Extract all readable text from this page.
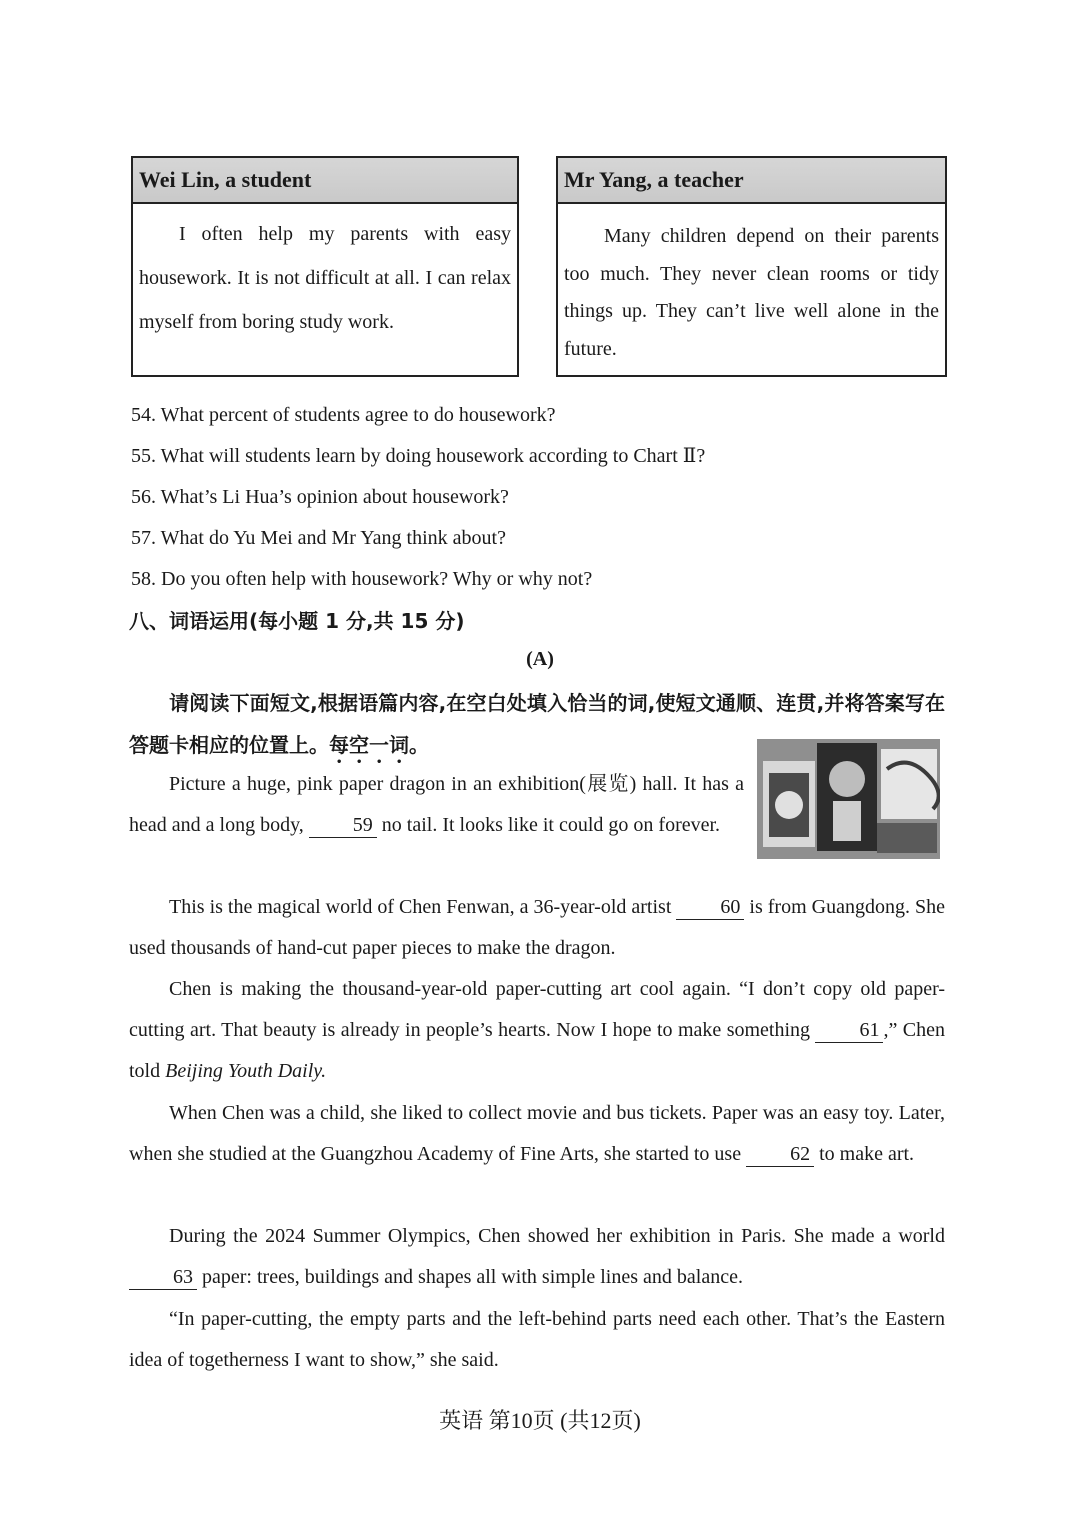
Wei Lin, a student

I often help my parents with easy housework. It is not difficult at all. I can relax myself from boring study work.

Mr Yang, a teacher

Many children depend on their parents too much. They never clean rooms or tidy things up. They can’t live well alone in the future.

54. What percent of students agree to do housework?
55. What will students learn by doing housework according to Chart Ⅱ?
56. What’s Li Hua’s opinion about housework?
57. What do Yu Mei and Mr Yang think about?
58. Do you often help with housework? Why or why not?
八、词语运用(每小题 1 分,共 15 分)
(A)
请阅读下面短文,根据语篇内容,在空白处填入恰当的词,使短文通顺、连贯,并将答案写在答题卡相应的位置上。每空一词。

Picture a huge, pink paper dragon in an exhibition(展览) hall. It has a head and a long body, 59 no tail. It looks like it could go on forever.

This is the magical world of Chen Fenwan, a 36-year-old artist 60 is from Guangdong. She used thousands of hand-cut paper pieces to make the dragon.

Chen is making the thousand-year-old paper-cutting art cool again. “I don’t copy old paper-cutting art. That beauty is already in people’s hearts. Now I hope to make something 61 ,” Chen told Beijing Youth Daily.

When Chen was a child, she liked to collect movie and bus tickets. Paper was an easy toy. Later, when she studied at the Guangzhou Academy of Fine Arts, she started to use 62 to make art.

During the 2024 Summer Olympics, Chen showed her exhibition in Paris. She made a world 63 paper: trees, buildings and shapes all with simple lines and balance.

“In paper-cutting, the empty parts and the left-behind parts need each other. That’s the Eastern idea of togetherness I want to show,” she said.

英语 第10页 (共12页)
